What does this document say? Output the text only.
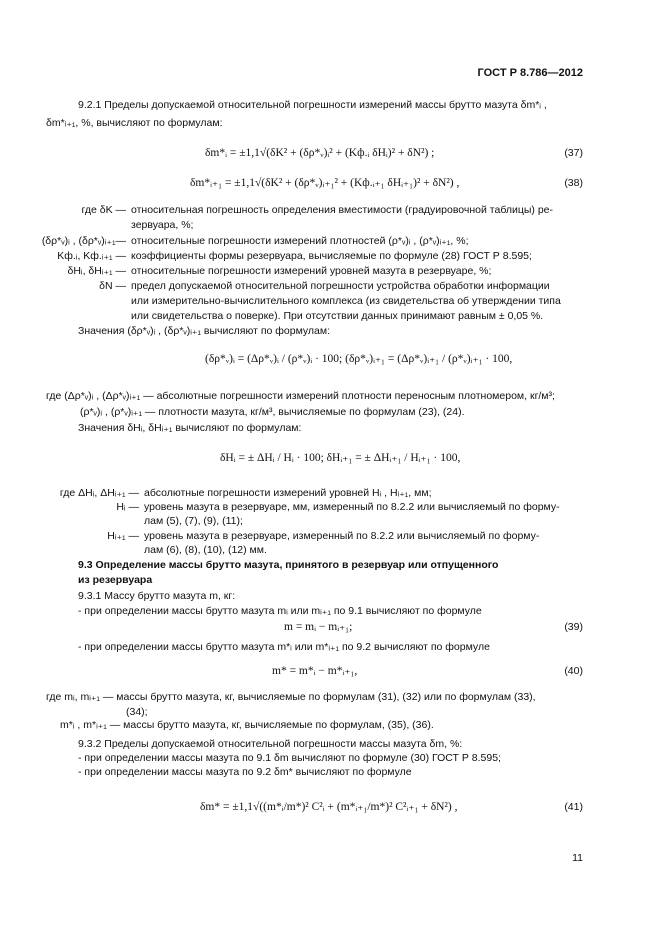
ГОСТ Р 8.786—2012
9.2.1 Пределы допускаемой относительной погрешности измерений массы брутто мазута δm*ᵢ ,
δm*ᵢ₊₁, %, вычисляют по формулам:
δm*ᵢ = ±1,1√(δK² + (δρ*ᵥ)ᵢ² + (Kф.ᵢ δHᵢ)² + δN²) ;	(37)
δm*ᵢ₊₁ = ±1,1√(δK² + (δρ*ᵥ)ᵢ₊₁² + (Kф.ᵢ₊₁ δHᵢ₊₁)² + δN²) ,	(38)
где δK — относительная погрешность определения вместимости (градуировочной таблицы) ре-
зервуара, %;
(δρ*ᵥ)ᵢ , (δρ*ᵥ)ᵢ₊₁— относительные погрешности измерений плотностей (ρ*ᵥ)ᵢ , (ρ*ᵥ)ᵢ₊₁, %;
Kф.ᵢ, Kф.ᵢ₊₁ — коэффициенты формы резервуара, вычисляемые по формуле (28) ГОСТ Р 8.595;
δHᵢ, δHᵢ₊₁ — относительные погрешности измерений уровней мазута в резервуаре, %;
δN — предел допускаемой относительной погрешности устройства обработки информации
или измерительно-вычислительного комплекса (из свидетельства об утверждении типа
или свидетельства о поверке). При отсутствии данных принимают равным ± 0,05 %.
Значения (δρ*ᵥ)ᵢ , (δρ*ᵥ)ᵢ₊₁ вычисляют по формулам:
(δρ*ᵥ)ᵢ = (Δρ*ᵥ)ᵢ / (ρ*ᵥ)ᵢ · 100; (δρ*ᵥ)ᵢ₊₁ = (Δρ*ᵥ)ᵢ₊₁ / (ρ*ᵥ)ᵢ₊₁ · 100,
где (Δρ*ᵥ)ᵢ , (Δρ*ᵥ)ᵢ₊₁ — абсолютные погрешности измерений плотности переносным плотномером, кг/м³;
(ρ*ᵥ)ᵢ , (ρ*ᵥ)ᵢ₊₁ — плотности мазута, кг/м³, вычисляемые по формулам (23), (24).
Значения δHᵢ, δHᵢ₊₁ вычисляют по формулам:
δHᵢ = ± ΔHᵢ / Hᵢ · 100; δHᵢ₊₁ = ± ΔHᵢ₊₁ / Hᵢ₊₁ · 100,
где ΔHᵢ, ΔHᵢ₊₁ — абсолютные погрешности измерений уровней Hᵢ , Hᵢ₊₁, мм;
Hᵢ — уровень мазута в резервуаре, мм, измеренный по 8.2.2 или вычисляемый по форму-
лам (5), (7), (9), (11);
Hᵢ₊₁ — уровень мазута в резервуаре, измеренный по 8.2.2 или вычисляемый по форму-
лам (6), (8), (10), (12) мм.
9.3 Определение массы брутто мазута, принятого в резервуар или отпущенного
из резервуара
9.3.1 Массу брутто мазута m, кг:
- при определении массы брутто мазута mᵢ или mᵢ₊₁ по 9.1 вычисляют по формуле
m = mᵢ − mᵢ₊₁;	(39)
- при определении массы брутто мазута m*ᵢ или m*ᵢ₊₁ по 9.2 вычисляют по формуле
m* = m*ᵢ − m*ᵢ₊₁,	(40)
где mᵢ, mᵢ₊₁ — массы брутто мазута, кг, вычисляемые по формулам (31), (32) или по формулам (33),
(34);
m*ᵢ , m*ᵢ₊₁ — массы брутто мазута, кг, вычисляемые по формулам, (35), (36).
9.3.2 Пределы допускаемой относительной погрешности массы мазута δm, %:
- при определении массы мазута по 9.1 δm вычисляют по формуле (30) ГОСТ Р 8.595;
- при определении массы мазута по 9.2 δm* вычисляют по формуле
δm* = ±1,1√((m*ᵢ/m*)² C²ᵢ + (m*ᵢ₊₁/m*)² C²ᵢ₊₁ + δN²) ,	(41)
11
